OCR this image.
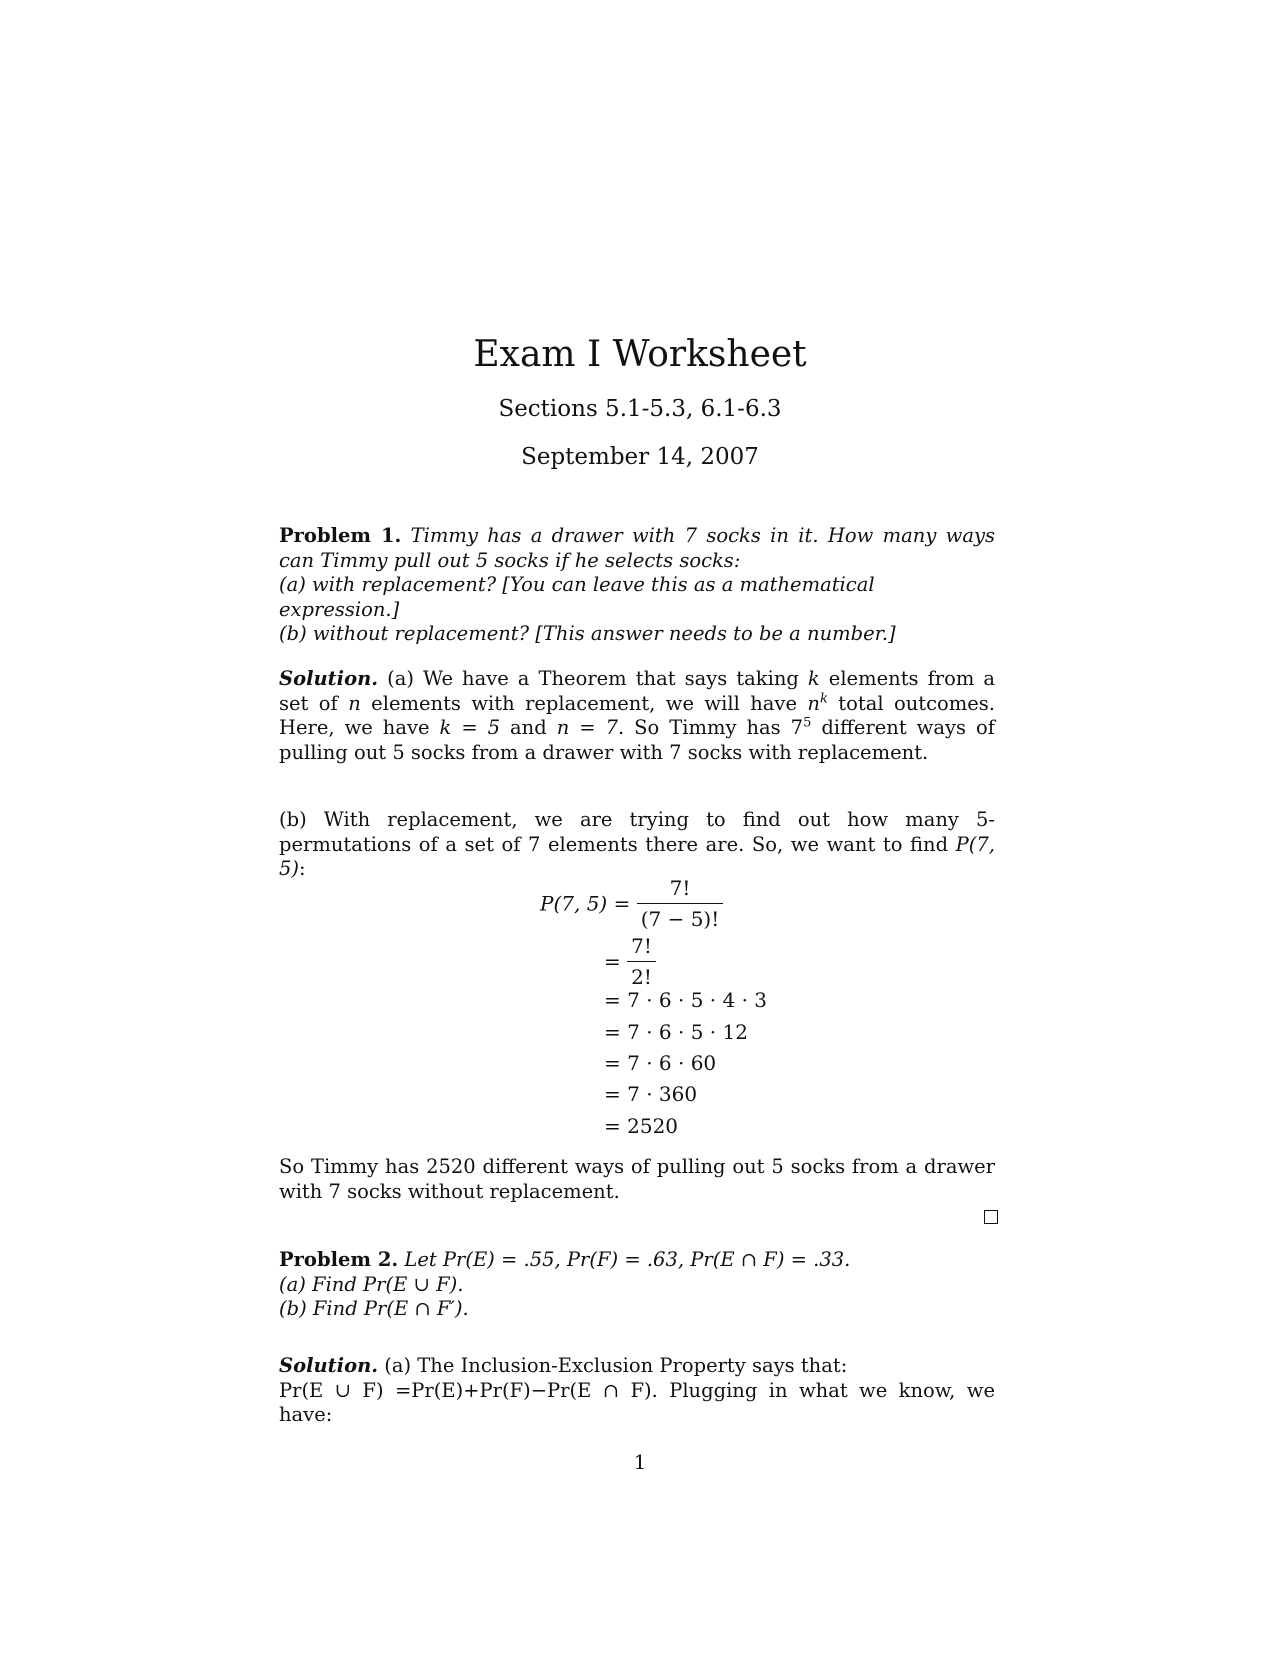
Exam I Worksheet
Sections 5.1-5.3, 6.1-6.3
September 14, 2007
Problem 1. Timmy has a drawer with 7 socks in it. How many ways can Timmy pull out 5 socks if he selects socks:
(a) with replacement? [You can leave this as a mathematical expression.]
(b) without replacement? [This answer needs to be a number.]
Solution. (a) We have a Theorem that says taking k elements from a set of n elements with replacement, we will have $n^k$ total outcomes. Here, we have k = 5 and n = 7. So Timmy has $7^5$ different ways of pulling out 5 socks from a drawer with 7 socks with replacement.
(b) With replacement, we are trying to find out how many 5-permutations of a set of 7 elements there are. So, we want to find P(7, 5):
P(7, $5) = \frac{7!}{(7 - 5)!}$
= $\frac{7!}{2!}$
= 7 · 6 · 5 · 4 · 3
= 7 · 6 · 5 · 12
= 7 · 6 · 60
= 7 · 360
= 2520
So Timmy has 2520 different ways of pulling out 5 socks from a drawer with 7 socks without replacement.
Problem 2. Let Pr(E) = .55, Pr(F) = .63, Pr(E ∩ F) = .33.
(a) Find Pr(E ∪ F).
(b) Find Pr(E ∩ F′).
Solution. (a) The Inclusion-Exclusion Property says that:
Pr(E ∪ F) =Pr(E)+Pr(F)−Pr(E ∩ F). Plugging in what we know, we have:
1
